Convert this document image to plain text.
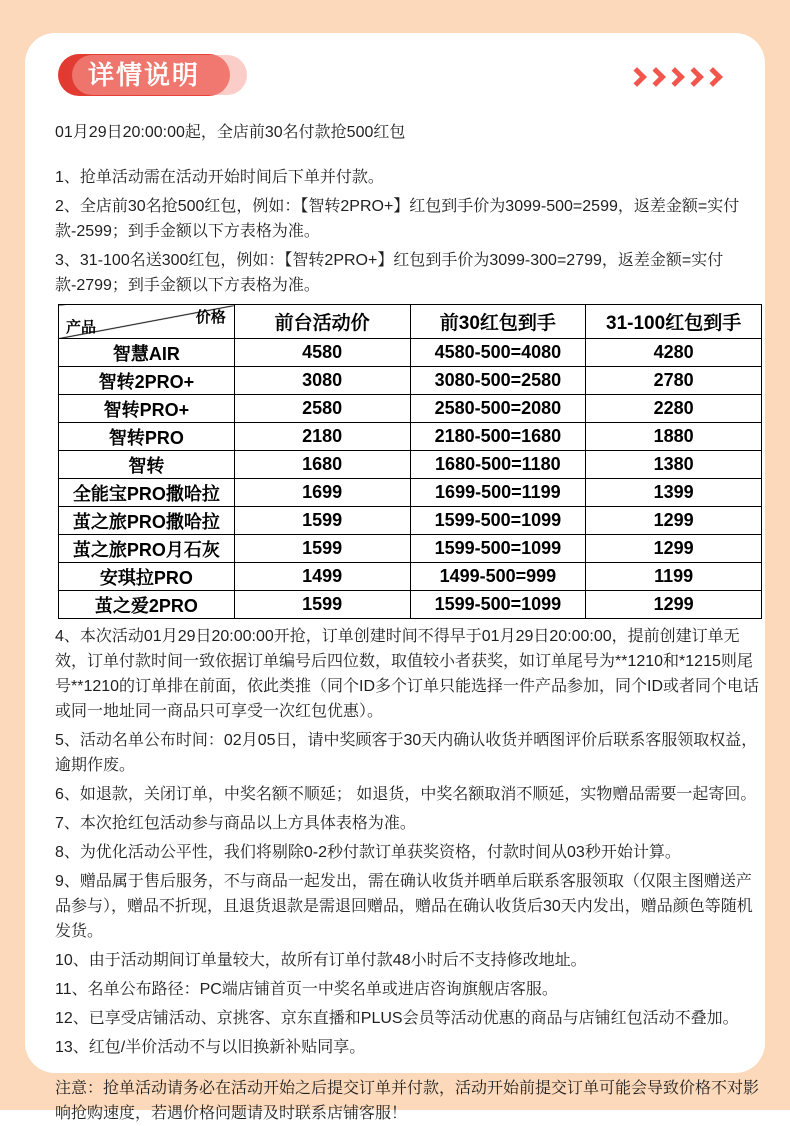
详情说明

01月29日20:00:00起，全店前30名付款抢500红包

1、抢单活动需在活动开始时间后下单并付款。

2、全店前30名抢500红包，例如：【智转2PRO+】红包到手价为3099-500=2599，返差金额=实付款-2599；到手金额以下方表格为准。

3、31-100名送300红包，例如：【智转2PRO+】红包到手价为3099-300=2799，返差金额=实付款-2799；到手金额以下方表格为准。

价格
产品	前台活动价	前30红包到手	31-100红包到手
智慧AIR	4580	4580-500=4080	4280
智转2PRO+	3080	3080-500=2580	2780
智转PRO+	2580	2580-500=2080	2280
智转PRO	2180	2180-500=1680	1880
智转	1680	1680-500=1180	1380
全能宝PRO撒哈拉	1699	1699-500=1199	1399
茧之旅PRO撒哈拉	1599	1599-500=1099	1299
茧之旅PRO月石灰	1599	1599-500=1099	1299
安琪拉PRO	1499	1499-500=999	1199
茧之爱2PRO	1599	1599-500=1099	1299

4、本次活动01月29日20:00:00开抢，订单创建时间不得早于01月29日20:00:00，提前创建订单无效，订单付款时间一致依据订单编号后四位数，取值较小者获奖，如订单尾号为**1210和*1215则尾号**1210的订单排在前面，依此类推（同个ID多个订单只能选择一件产品参加，同个ID或者同个电话或同一地址同一商品只可享受一次红包优惠）。

5、活动名单公布时间：02月05日，请中奖顾客于30天内确认收货并晒图评价后联系客服领取权益，逾期作废。

6、如退款，关闭订单，中奖名额不顺延； 如退货，中奖名额取消不顺延，实物赠品需要一起寄回。

7、本次抢红包活动参与商品以上方具体表格为准。

8、为优化活动公平性，我们将剔除0-2秒付款订单获奖资格，付款时间从03秒开始计算。

9、赠品属于售后服务，不与商品一起发出，需在确认收货并晒单后联系客服领取（仅限主图赠送产品参与），赠品不折现，且退货退款是需退回赠品，赠品在确认收货后30天内发出，赠品颜色等随机发货。

10、由于活动期间订单量较大，故所有订单付款48小时后不支持修改地址。

11、名单公布路径：PC端店铺首页一中奖名单或进店咨询旗舰店客服。

12、已享受店铺活动、京挑客、京东直播和PLUS会员等活动优惠的商品与店铺红包活动不叠加。

13、红包/半价活动不与以旧换新补贴同享。

注意：抢单活动请务必在活动开始之后提交订单并付款，活动开始前提交订单可能会导致价格不对影响抢购速度，若遇价格问题请及时联系店铺客服！
